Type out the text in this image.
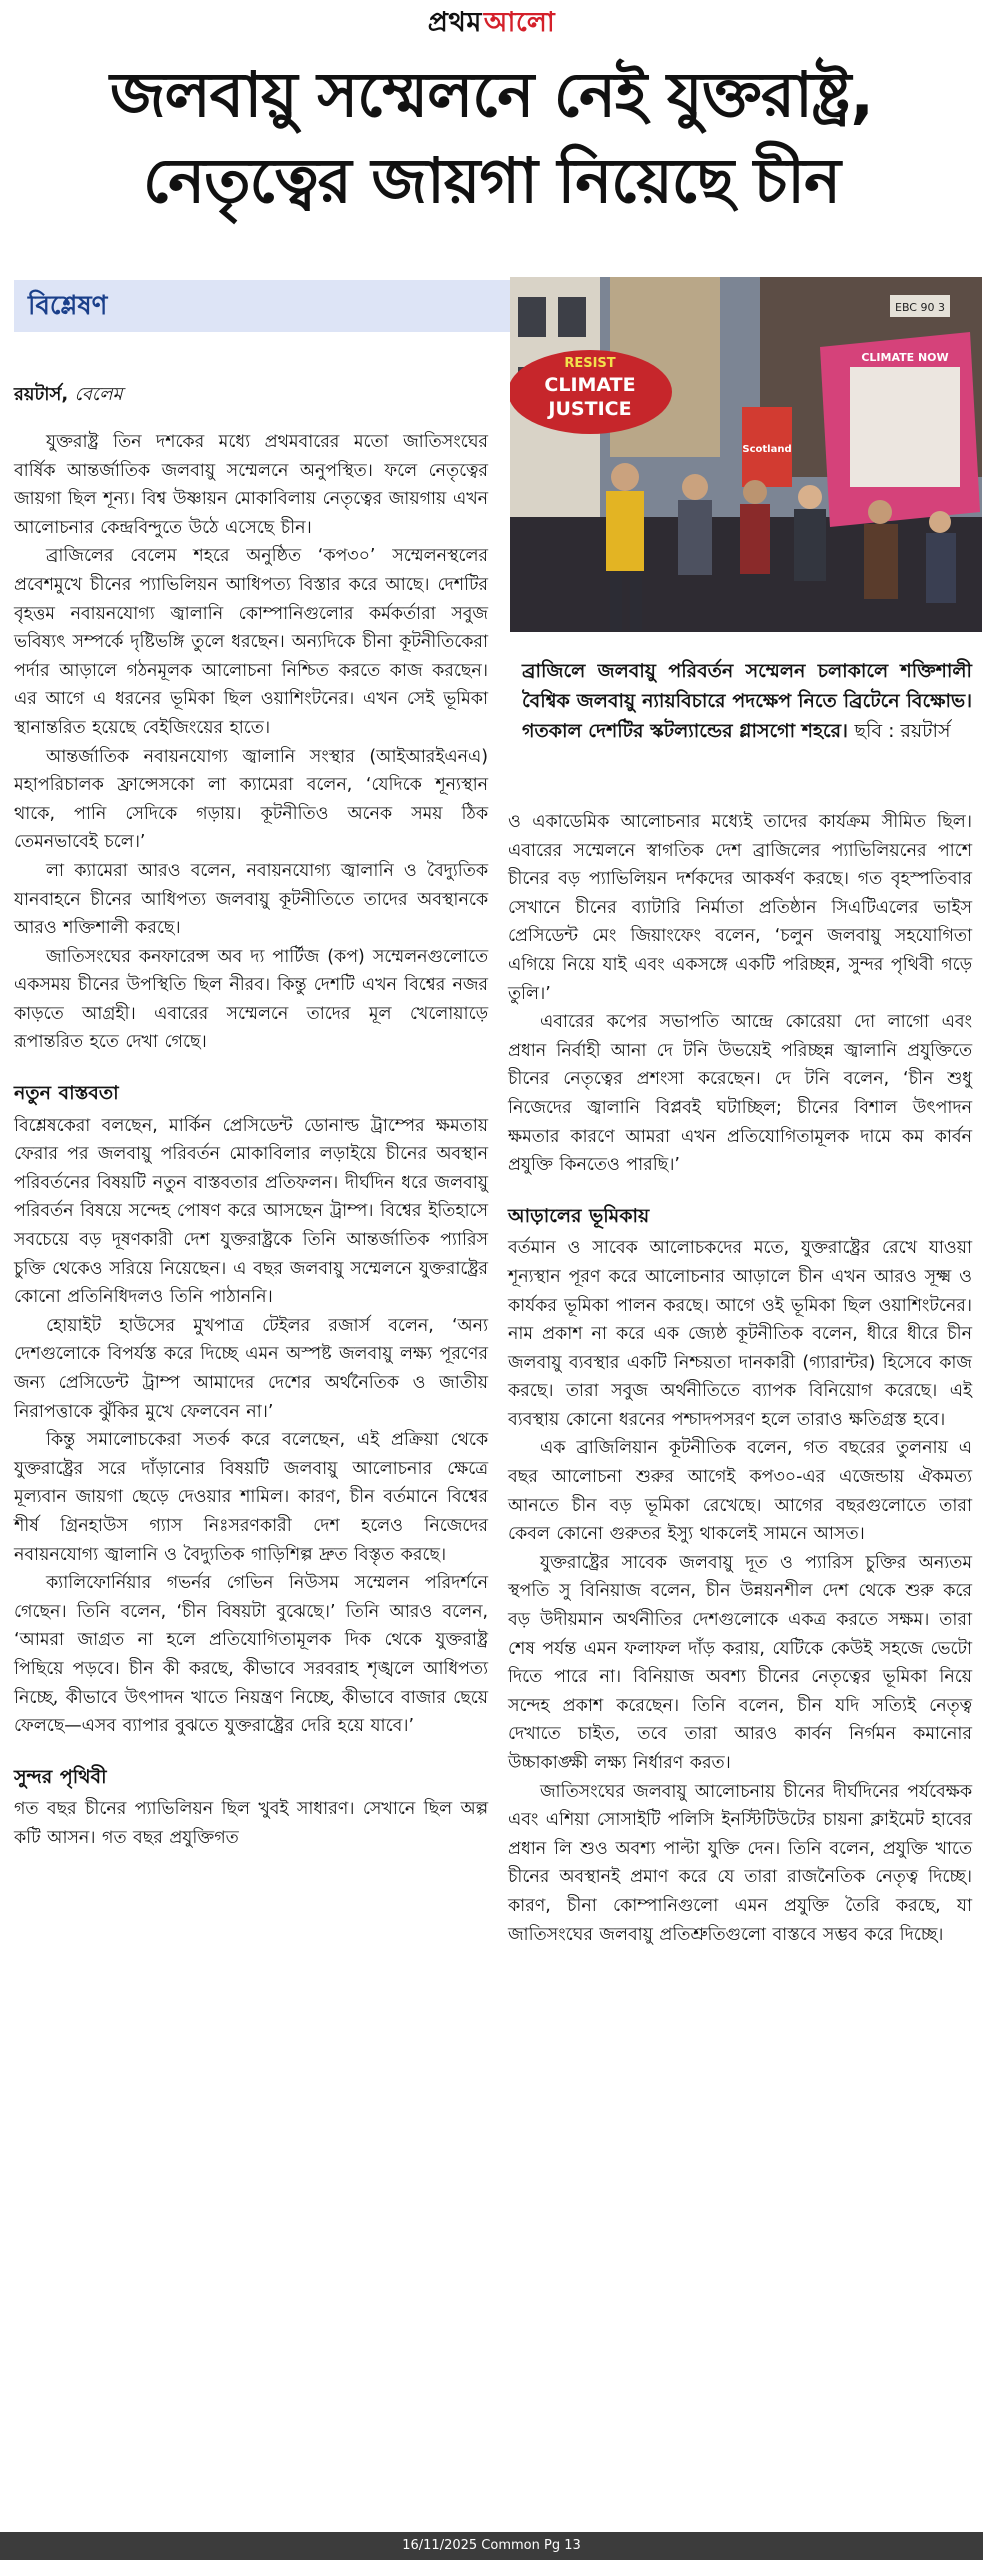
প্রথম আলো
জলবায়ু সম্মেলনে নেই যুক্তরাষ্ট্র,
নেতৃত্বের জায়গা নিয়েছে চীন
বিশ্লেষণ
রয়টার্স, বেলেম

যুক্তরাষ্ট্র তিন দশকের মধ্যে প্রথমবারের মতো জাতিসংঘের বার্ষিক আন্তর্জাতিক জলবায়ু সম্মেলনে অনুপস্থিত। ফলে নেতৃত্বের জায়গা ছিল শূন্য। বিশ্ব উষ্ণায়ন মোকাবিলায় নেতৃত্বের জায়গায় এখন আলোচনার কেন্দ্রবিন্দুতে উঠে এসেছে চীন।

ব্রাজিলের বেলেম শহরে অনুষ্ঠিত ‘কপ৩০’ সম্মেলনস্থলের প্রবেশমুখে চীনের প্যাভিলিয়ন আধিপত্য বিস্তার করে আছে। দেশটির বৃহত্তম নবায়নযোগ্য জ্বালানি কোম্পানিগুলোর কর্মকর্তারা সবুজ ভবিষ্যৎ সম্পর্কে দৃষ্টিভঙ্গি তুলে ধরছেন। অন্যদিকে চীনা কূটনীতিকেরা পর্দার আড়ালে গঠনমূলক আলোচনা নিশ্চিত করতে কাজ করছেন। এর আগে এ ধরনের ভূমিকা ছিল ওয়াশিংটনের। এখন সেই ভূমিকা স্থানান্তরিত হয়েছে বেইজিংয়ের হাতে।

আন্তর্জাতিক নবায়নযোগ্য জ্বালানি সংস্থার (আইআরইএনএ) মহাপরিচালক ফ্রান্সেসকো লা ক্যামেরা বলেন, ‘যেদিকে শূন্যস্থান থাকে, পানি সেদিকে গড়ায়। কূটনীতিও অনেক সময় ঠিক তেমনভাবেই চলে।’

লা ক্যামেরা আরও বলেন, নবায়নযোগ্য জ্বালানি ও বৈদ্যুতিক যানবাহনে চীনের আধিপত্য জলবায়ু কূটনীতিতে তাদের অবস্থানকে আরও শক্তিশালী করছে।

জাতিসংঘের কনফারেন্স অব দ্য পার্টিজ (কপ) সম্মেলনগুলোতে একসময় চীনের উপস্থিতি ছিল নীরব। কিন্তু দেশটি এখন বিশ্বের নজর কাড়তে আগ্রহী। এবারের সম্মেলনে তাদের মূল খেলোয়াড়ে রূপান্তরিত হতে দেখা গেছে।

নতুন বাস্তবতা

বিশ্লেষকেরা বলছেন, মার্কিন প্রেসিডেন্ট ডোনাল্ড ট্রাম্পের ক্ষমতায় ফেরার পর জলবায়ু পরিবর্তন মোকাবিলার লড়াইয়ে চীনের অবস্থান পরিবর্তনের বিষয়টি নতুন বাস্তবতার প্রতিফলন। দীর্ঘদিন ধরে জলবায়ু পরিবর্তন বিষয়ে সন্দেহ পোষণ করে আসছেন ট্রাম্প। বিশ্বের ইতিহাসে সবচেয়ে বড় দূষণকারী দেশ যুক্তরাষ্ট্রকে তিনি আন্তর্জাতিক প্যারিস চুক্তি থেকেও সরিয়ে নিয়েছেন। এ বছর জলবায়ু সম্মেলনে যুক্তরাষ্ট্রের কোনো প্রতিনিধিদলও তিনি পাঠাননি।

হোয়াইট হাউসের মুখপাত্র টেইলর রজার্স বলেন, ‘অন্য দেশগুলোকে বিপর্যস্ত করে দিচ্ছে এমন অস্পষ্ট জলবায়ু লক্ষ্য পূরণের জন্য প্রেসিডেন্ট ট্রাম্প আমাদের দেশের অর্থনৈতিক ও জাতীয় নিরাপত্তাকে ঝুঁকির মুখে ফেলবেন না।’

কিন্তু সমালোচকেরা সতর্ক করে বলেছেন, এই প্রক্রিয়া থেকে যুক্তরাষ্ট্রের সরে দাঁড়ানোর বিষয়টি জলবায়ু আলোচনার ক্ষেত্রে মূল্যবান জায়গা ছেড়ে দেওয়ার শামিল। কারণ, চীন বর্তমানে বিশ্বের শীর্ষ গ্রিনহাউস গ্যাস নিঃসরণকারী দেশ হলেও নিজেদের নবায়নযোগ্য জ্বালানি ও বৈদ্যুতিক গাড়িশিল্প দ্রুত বিস্তৃত করছে।

ক্যালিফোর্নিয়ার গভর্নর গেভিন নিউসম সম্মেলন পরিদর্শনে গেছেন। তিনি বলেন, ‘চীন বিষয়টা বুঝেছে।’ তিনি আরও বলেন, ‘আমরা জাগ্রত না হলে প্রতিযোগিতামূলক দিক থেকে যুক্তরাষ্ট্র পিছিয়ে পড়বে। চীন কী করছে, কীভাবে সরবরাহ শৃঙ্খলে আধিপত্য নিচ্ছে, কীভাবে উৎপাদন খাতে নিয়ন্ত্রণ নিচ্ছে, কীভাবে বাজার ছেয়ে ফেলছে—এসব ব্যাপার বুঝতে যুক্তরাষ্ট্রের দেরি হয়ে যাবে।’

সুন্দর পৃথিবী

গত বছর চীনের প্যাভিলিয়ন ছিল খুবই সাধারণ। সেখানে ছিল অল্প কটি আসন। গত বছর প্রযুক্তিগত

EBC 90 3
RESIST
CLIMATE
JUSTICE
CLIMATE NOW
Scotland
ব্রাজিলে জলবায়ু পরিবর্তন সম্মেলন চলাকালে শক্তিশালী বৈশ্বিক জলবায়ু ন্যায়বিচারে পদক্ষেপ নিতে ব্রিটেনে বিক্ষোভ। গতকাল দেশটির স্কটল্যান্ডের গ্লাসগো শহরে। ছবি : রয়টার্স

ও একাডেমিক আলোচনার মধ্যেই তাদের কার্যক্রম সীমিত ছিল। এবারের সম্মেলনে স্বাগতিক দেশ ব্রাজিলের প্যাভিলিয়নের পাশে চীনের বড় প্যাভিলিয়ন দর্শকদের আকর্ষণ করছে। গত বৃহস্পতিবার সেখানে চীনের ব্যাটারি নির্মাতা প্রতিষ্ঠান সিএটিএলের ভাইস প্রেসিডেন্ট মেং জিয়াংফেং বলেন, ‘চলুন জলবায়ু সহযোগিতা এগিয়ে নিয়ে যাই এবং একসঙ্গে একটি পরিচ্ছন্ন, সুন্দর পৃথিবী গড়ে তুলি।’

এবারের কপের সভাপতি আন্দ্রে কোরেয়া দো লাগো এবং প্রধান নির্বাহী আনা দে টনি উভয়েই পরিচ্ছন্ন জ্বালানি প্রযুক্তিতে চীনের নেতৃত্বের প্রশংসা করেছেন। দে টনি বলেন, ‘চীন শুধু নিজেদের জ্বালানি বিপ্লবই ঘটাচ্ছিল; চীনের বিশাল উৎপাদন ক্ষমতার কারণে আমরা এখন প্রতিযোগিতামূলক দামে কম কার্বন প্রযুক্তি কিনতেও পারছি।’

আড়ালের ভূমিকায়

বর্তমান ও সাবেক আলোচকদের মতে, যুক্তরাষ্ট্রের রেখে যাওয়া শূন্যস্থান পূরণ করে আলোচনার আড়ালে চীন এখন আরও সূক্ষ্ম ও কার্যকর ভূমিকা পালন করছে। আগে ওই ভূমিকা ছিল ওয়াশিংটনের। নাম প্রকাশ না করে এক জ্যেষ্ঠ কূটনীতিক বলেন, ধীরে ধীরে চীন জলবায়ু ব্যবস্থার একটি নিশ্চয়তা দানকারী (গ্যারান্টর) হিসেবে কাজ করছে। তারা সবুজ অর্থনীতিতে ব্যাপক বিনিয়োগ করেছে। এই ব্যবস্থায় কোনো ধরনের পশ্চাদপসরণ হলে তারাও ক্ষতিগ্রস্ত হবে।

এক ব্রাজিলিয়ান কূটনীতিক বলেন, গত বছরের তুলনায় এ বছর আলোচনা শুরুর আগেই কপ৩০-এর এজেন্ডায় ঐকমত্য আনতে চীন বড় ভূমিকা রেখেছে। আগের বছরগুলোতে তারা কেবল কোনো গুরুতর ইস্যু থাকলেই সামনে আসত।

যুক্তরাষ্ট্রের সাবেক জলবায়ু দূত ও প্যারিস চুক্তির অন্যতম স্থপতি সু বিনিয়াজ বলেন, চীন উন্নয়নশীল দেশ থেকে শুরু করে বড় উদীয়মান অর্থনীতির দেশগুলোকে একত্র করতে সক্ষম। তারা শেষ পর্যন্ত এমন ফলাফল দাঁড় করায়, যেটিকে কেউই সহজে ভেটো দিতে পারে না। বিনিয়াজ অবশ্য চীনের নেতৃত্বের ভূমিকা নিয়ে সন্দেহ প্রকাশ করেছেন। তিনি বলেন, চীন যদি সত্যিই নেতৃত্ব দেখাতে চাইত, তবে তারা আরও কার্বন নির্গমন কমানোর উচ্চাকাঙ্ক্ষী লক্ষ্য নির্ধারণ করত।

জাতিসংঘের জলবায়ু আলোচনায় চীনের দীর্ঘদিনের পর্যবেক্ষক এবং এশিয়া সোসাইটি পলিসি ইনস্টিটিউটের চায়না ক্লাইমেট হাবের প্রধান লি শুও অবশ্য পাল্টা যুক্তি দেন। তিনি বলেন, প্রযুক্তি খাতে চীনের অবস্থানই প্রমাণ করে যে তারা রাজনৈতিক নেতৃত্ব দিচ্ছে। কারণ, চীনা কোম্পানিগুলো এমন প্রযুক্তি তৈরি করছে, যা জাতিসংঘের জলবায়ু প্রতিশ্রুতিগুলো বাস্তবে সম্ভব করে দিচ্ছে।

16/11/2025 Common Pg 13
